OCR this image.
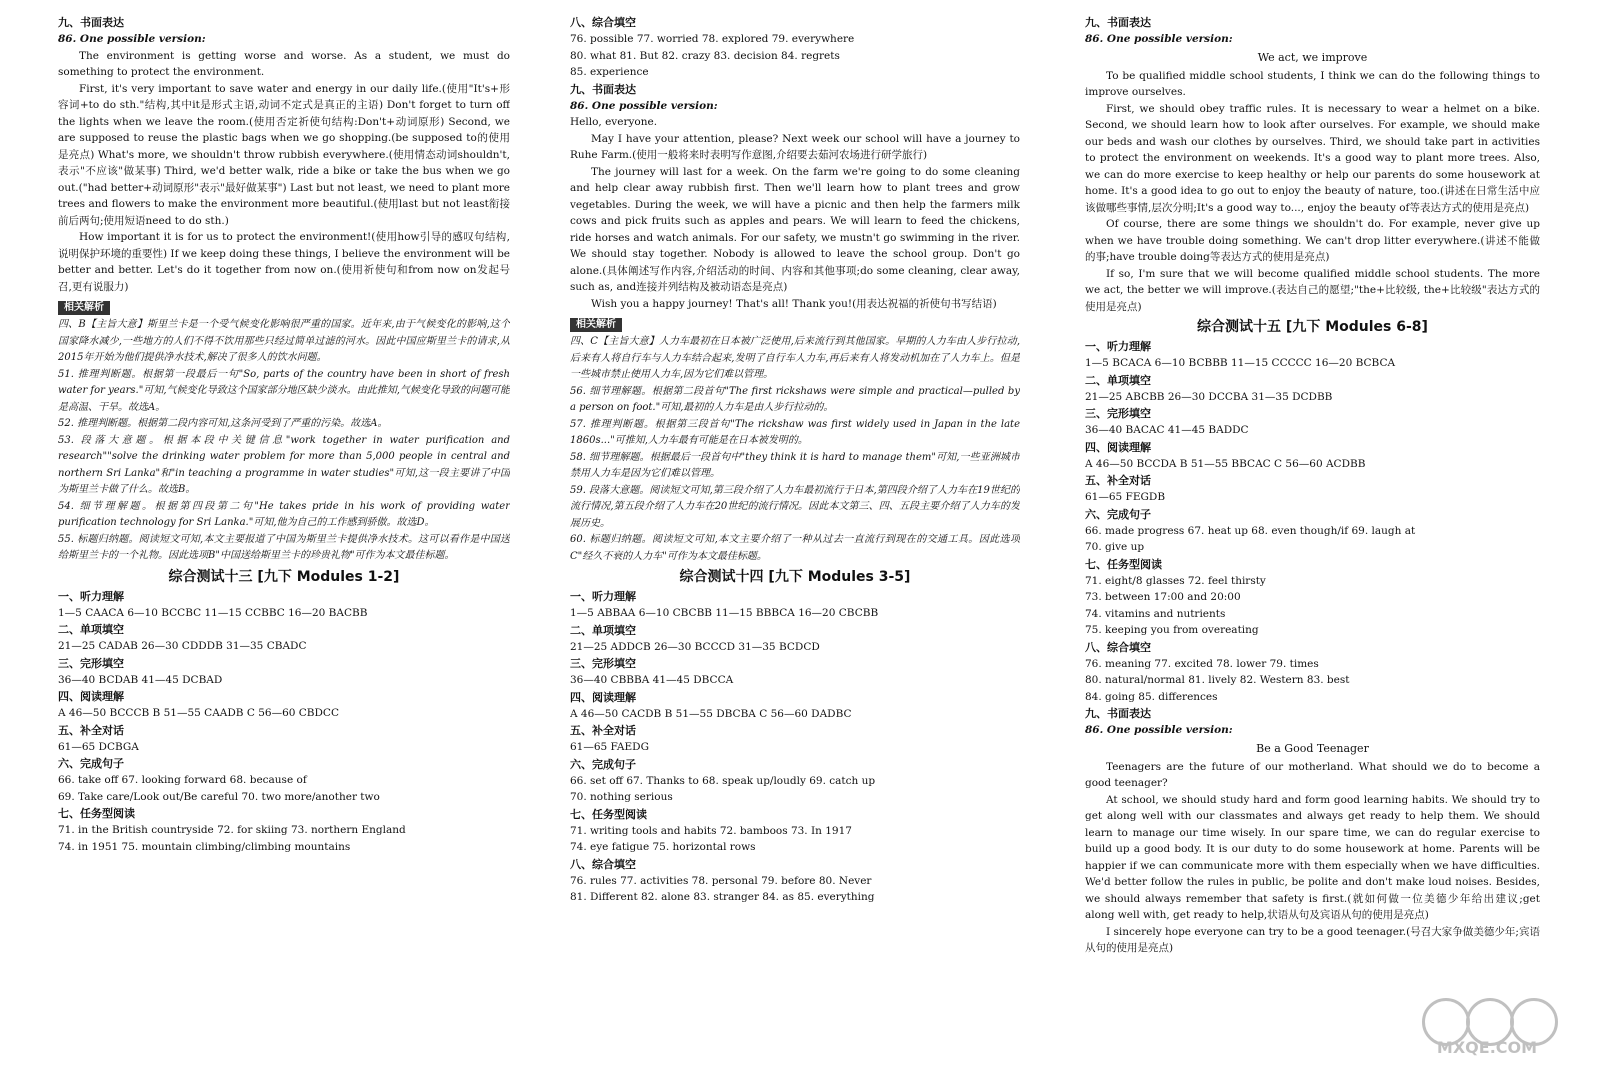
九、书面表达

86. One possible version:

The environment is getting worse and worse. As a student, we must do something to protect the environment.

First, it's very important to save water and energy in our daily life.(使用"It's+形容词+to do sth."结构,其中it是形式主语,动词不定式是真正的主语) Don't forget to turn off the lights when we leave the room.(使用否定祈使句结构:Don't+动词原形) Second, we are supposed to reuse the plastic bags when we go shopping.(be supposed to的使用是亮点) What's more, we shouldn't throw rubbish everywhere.(使用情态动词shouldn't,表示"不应该"做某事) Third, we'd better walk, ride a bike or take the bus when we go out.("had better+动词原形"表示"最好做某事") Last but not least, we need to plant more trees and flowers to make the environment more beautiful.(使用last but not least衔接前后两句;使用短语need to do sth.)

How important it is for us to protect the environment!(使用how引导的感叹句结构,说明保护环境的重要性) If we keep doing these things, I believe the environment will be better and better. Let's do it together from now on.(使用祈使句和from now on发起号召,更有说服力)

相关解析

四、B【主旨大意】斯里兰卡是一个受气候变化影响很严重的国家。近年来,由于气候变化的影响,这个国家降水减少,一些地方的人们不得不饮用那些只经过简单过滤的河水。因此中国应斯里兰卡的请求,从2015年开始为他们提供净水技术,解决了很多人的饮水问题。

51. 推理判断题。根据第一段最后一句"So, parts of the country have been in short of fresh water for years."可知,气候变化导致这个国家部分地区缺少淡水。由此推知,气候变化导致的问题可能是高温、干旱。故选A。

52. 推理判断题。根据第二段内容可知,这条河受到了严重的污染。故选A。

53. 段落大意题。根据本段中关键信息"work together in water purification and research""solve the drinking water problem for more than 5,000 people in central and northern Sri Lanka"和"in teaching a programme in water studies"可知,这一段主要讲了中国为斯里兰卡做了什么。故选B。

54. 细节理解题。根据第四段第二句"He takes pride in his work of providing water purification technology for Sri Lanka."可知,他为自己的工作感到骄傲。故选D。

55. 标题归纳题。阅读短文可知,本文主要报道了中国为斯里兰卡提供净水技术。这可以看作是中国送给斯里兰卡的一个礼物。因此选项B"中国送给斯里兰卡的珍贵礼物"可作为本文最佳标题。

综合测试十三 [九下 Modules 1-2]

一、听力理解

1—5 CAACA 6—10 BCCBC 11—15 CCBBC 16—20 BACBB

二、单项填空

21—25 CADAB 26—30 CDDDB 31—35 CBADC

三、完形填空

36—40 BCDAB 41—45 DCBAD

四、阅读理解

A 46—50 BCCCB B 51—55 CAADB C 56—60 CBDCC

五、补全对话

61—65 DCBGA

六、完成句子

66. take off 67. looking forward 68. because of

69. Take care/Look out/Be careful 70. two more/another two

七、任务型阅读

71. in the British countryside 72. for skiing 73. northern England

74. in 1951 75. mountain climbing/climbing mountains

八、综合填空

76. possible 77. worried 78. explored 79. everywhere

80. what 81. But 82. crazy 83. decision 84. regrets

85. experience

九、书面表达

86. One possible version:

Hello, everyone.

May I have your attention, please? Next week our school will have a journey to Ruhe Farm.(使用一般将来时表明写作意图,介绍要去茹河农场进行研学旅行)

The journey will last for a week. On the farm we're going to do some cleaning and help clear away rubbish first. Then we'll learn how to plant trees and grow vegetables. During the week, we will have a picnic and then help the farmers milk cows and pick fruits such as apples and pears. We will learn to feed the chickens, ride horses and watch animals. For our safety, we mustn't go swimming in the river. We should stay together. Nobody is allowed to leave the school group. Don't go alone.(具体阐述写作内容,介绍活动的时间、内容和其他事项;do some cleaning, clear away, such as, and连接并列结构及被动语态是亮点)

Wish you a happy journey! That's all! Thank you!(用表达祝福的祈使句书写结语)

相关解析

四、C【主旨大意】人力车最初在日本被广泛使用,后来流行到其他国家。早期的人力车由人步行拉动,后来有人将自行车与人力车结合起来,发明了自行车人力车,再后来有人将发动机加在了人力车上。但是一些城市禁止使用人力车,因为它们难以管理。

56. 细节理解题。根据第二段首句"The first rickshaws were simple and practical—pulled by a person on foot."可知,最初的人力车是由人步行拉动的。

57. 推理判断题。根据第三段首句"The rickshaw was first widely used in Japan in the late 1860s..."可推知,人力车最有可能是在日本被发明的。

58. 细节理解题。根据最后一段首句中"they think it is hard to manage them"可知,一些亚洲城市禁用人力车是因为它们难以管理。

59. 段落大意题。阅读短文可知,第三段介绍了人力车最初流行于日本,第四段介绍了人力车在19世纪的流行情况,第五段介绍了人力车在20世纪的流行情况。因此本文第三、四、五段主要介绍了人力车的发展历史。

60. 标题归纳题。阅读短文可知,本文主要介绍了一种从过去一直流行到现在的交通工具。因此选项C"经久不衰的人力车"可作为本文最佳标题。

综合测试十四 [九下 Modules 3-5]

一、听力理解

1—5 ABBAA 6—10 CBCBB 11—15 BBBCA 16—20 CBCBB

二、单项填空

21—25 ADDCB 26—30 BCCCD 31—35 BCDCD

三、完形填空

36—40 CBBBA 41—45 DBCCA

四、阅读理解

A 46—50 CACDB B 51—55 DBCBA C 56—60 DADBC

五、补全对话

61—65 FAEDG

六、完成句子

66. set off 67. Thanks to 68. speak up/loudly 69. catch up

70. nothing serious

七、任务型阅读

71. writing tools and habits 72. bamboos 73. In 1917

74. eye fatigue 75. horizontal rows

八、综合填空

76. rules 77. activities 78. personal 79. before 80. Never

81. Different 82. alone 83. stranger 84. as 85. everything

九、书面表达

86. One possible version:

We act, we improve

To be qualified middle school students, I think we can do the following things to improve ourselves.

First, we should obey traffic rules. It is necessary to wear a helmet on a bike. Second, we should learn how to look after ourselves. For example, we should make our beds and wash our clothes by ourselves. Third, we should take part in activities to protect the environment on weekends. It's a good way to plant more trees. Also, we can do more exercise to keep healthy or help our parents do some housework at home. It's a good idea to go out to enjoy the beauty of nature, too.(讲述在日常生活中应该做哪些事情,层次分明;It's a good way to..., enjoy the beauty of等表达方式的使用是亮点)

Of course, there are some things we shouldn't do. For example, never give up when we have trouble doing something. We can't drop litter everywhere.(讲述不能做的事;have trouble doing等表达方式的使用是亮点)

If so, I'm sure that we will become qualified middle school students. The more we act, the better we will improve.(表达自己的愿望;"the+比较级, the+比较级"表达方式的使用是亮点)

综合测试十五 [九下 Modules 6-8]

一、听力理解

1—5 BCACA 6—10 BCBBB 11—15 CCCCC 16—20 BCBCA

二、单项填空

21—25 ABCBB 26—30 DCCBA 31—35 DCDBB

三、完形填空

36—40 BACAC 41—45 BADDC

四、阅读理解

A 46—50 BCCDA B 51—55 BBCAC C 56—60 ACDBB

五、补全对话

61—65 FEGDB

六、完成句子

66. made progress 67. heat up 68. even though/if 69. laugh at

70. give up

七、任务型阅读

71. eight/8 glasses 72. feel thirsty

73. between 17:00 and 20:00

74. vitamins and nutrients

75. keeping you from overeating

八、综合填空

76. meaning 77. excited 78. lower 79. times

80. natural/normal 81. lively 82. Western 83. best

84. going 85. differences

九、书面表达

86. One possible version:

Be a Good Teenager

Teenagers are the future of our motherland. What should we do to become a good teenager?

At school, we should study hard and form good learning habits. We should try to get along well with our classmates and always get ready to help them. We should learn to manage our time wisely. In our spare time, we can do regular exercise to build up a good body. It is our duty to do some housework at home. Parents will be happier if we can communicate more with them especially when we have difficulties. We'd better follow the rules in public, be polite and don't make loud noises. Besides, we should always remember that safety is first.(就如何做一位美德少年给出建议;get along well with, get ready to help,状语从句及宾语从句的使用是亮点)

I sincerely hope everyone can try to be a good teenager.(号召大家争做美德少年;宾语从句的使用是亮点)

MXQE.COM
